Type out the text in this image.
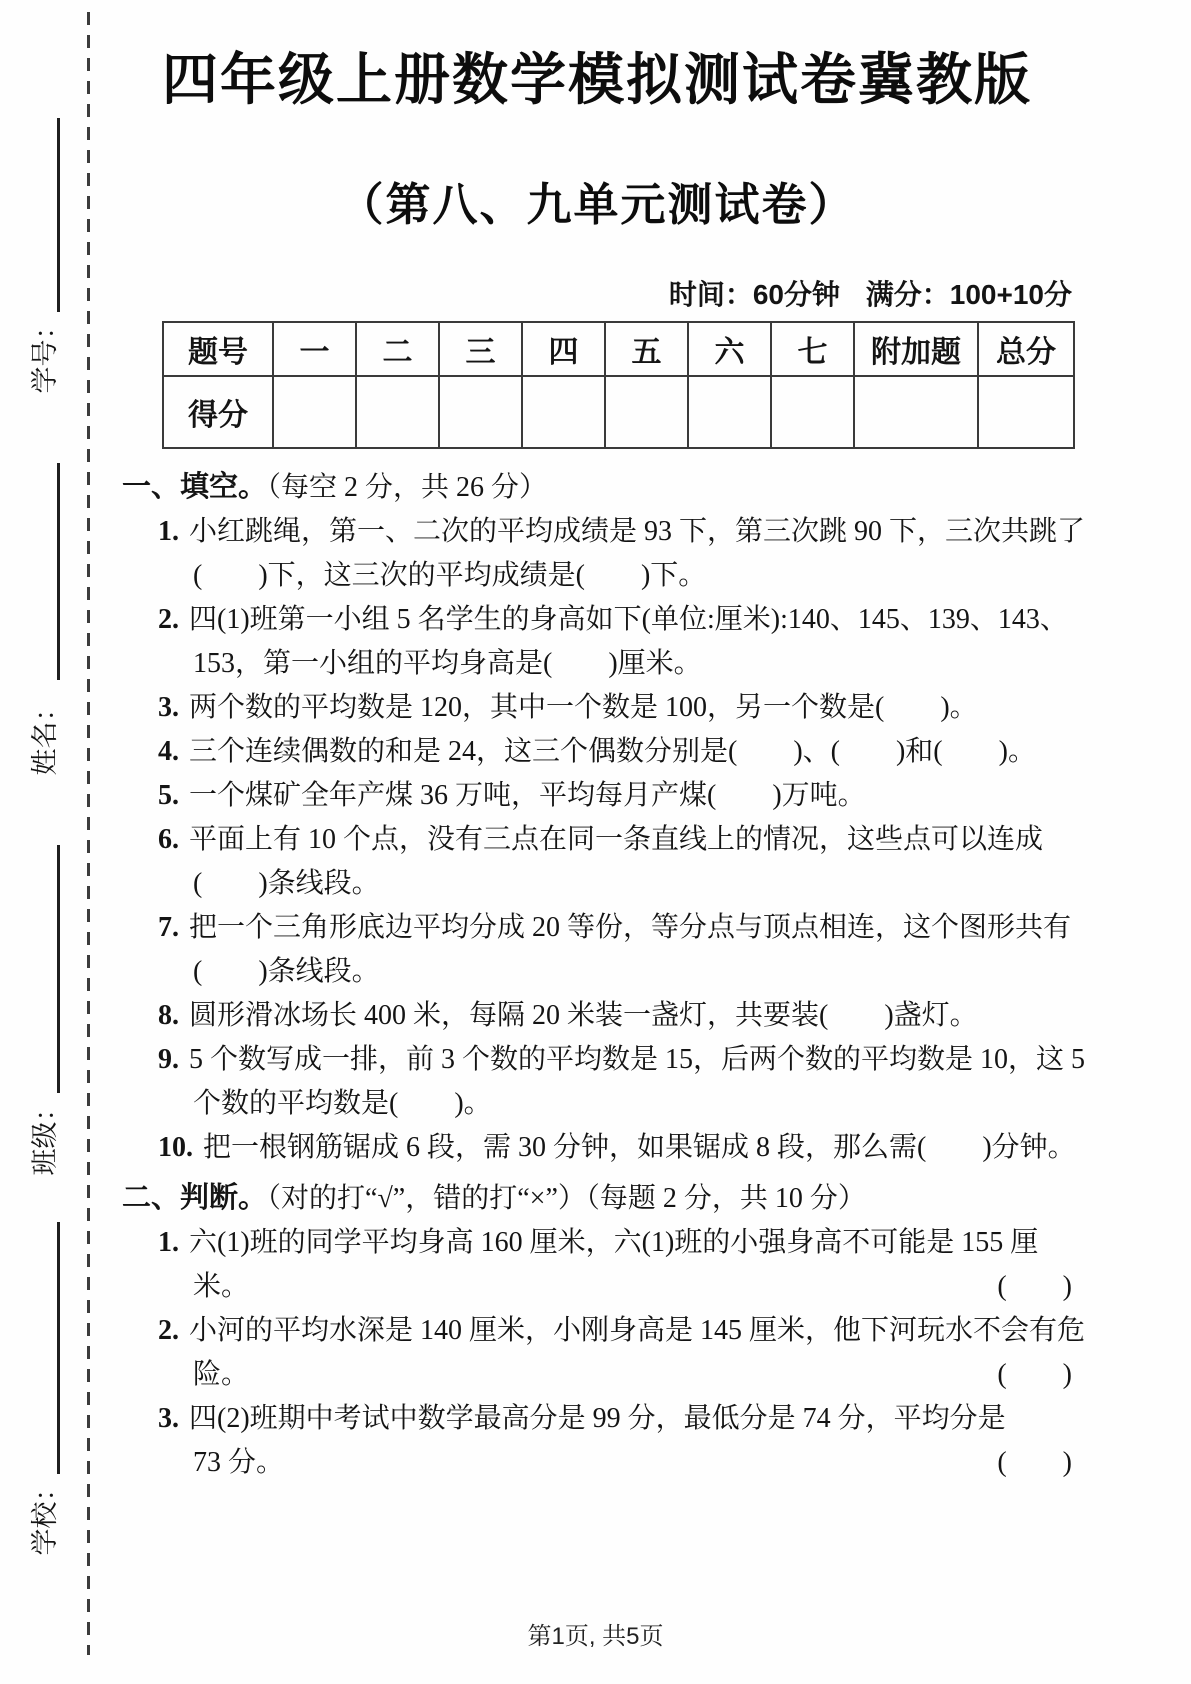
学号：
姓名：
班级：
学校：
四年级上册数学模拟测试卷冀教版
（第八、九单元测试卷）
时间：60分钟 满分：100+10分
题号	一	二	三	四	五	六	七	附加题	总分
得分									
一、填空。（每空 2 分，共 26 分）
1. 小红跳绳，第一、二次的平均成绩是 93 下，第三次跳 90 下，三次共跳了
(　　)下，这三次的平均成绩是(　　)下。
2. 四(1)班第一小组 5 名学生的身高如下(单位:厘米):140、145、139、143、
153，第一小组的平均身高是(　　)厘米。
3. 两个数的平均数是 120，其中一个数是 100，另一个数是(　　)。
4. 三个连续偶数的和是 24，这三个偶数分别是(　　)、(　　)和(　　)。
5. 一个煤矿全年产煤 36 万吨，平均每月产煤(　　)万吨。
6. 平面上有 10 个点，没有三点在同一条直线上的情况，这些点可以连成
(　　)条线段。
7. 把一个三角形底边平均分成 20 等份，等分点与顶点相连，这个图形共有
(　　)条线段。
8. 圆形滑冰场长 400 米，每隔 20 米装一盏灯，共要装(　　)盏灯。
9. 5 个数写成一排，前 3 个数的平均数是 15，后两个数的平均数是 10，这 5
个数的平均数是(　　)。
10. 把一根钢筋锯成 6 段，需 30 分钟，如果锯成 8 段，那么需(　　)分钟。
二、判断。（对的打“√”，错的打“×”）（每题 2 分，共 10 分）
1. 六(1)班的同学平均身高 160 厘米，六(1)班的小强身高不可能是 155 厘
米。	(　　)
2. 小河的平均水深是 140 厘米，小刚身高是 145 厘米，他下河玩水不会有危
险。	(　　)
3. 四(2)班期中考试中数学最高分是 99 分，最低分是 74 分，平均分是
73 分。	(　　)
第1页, 共5页
